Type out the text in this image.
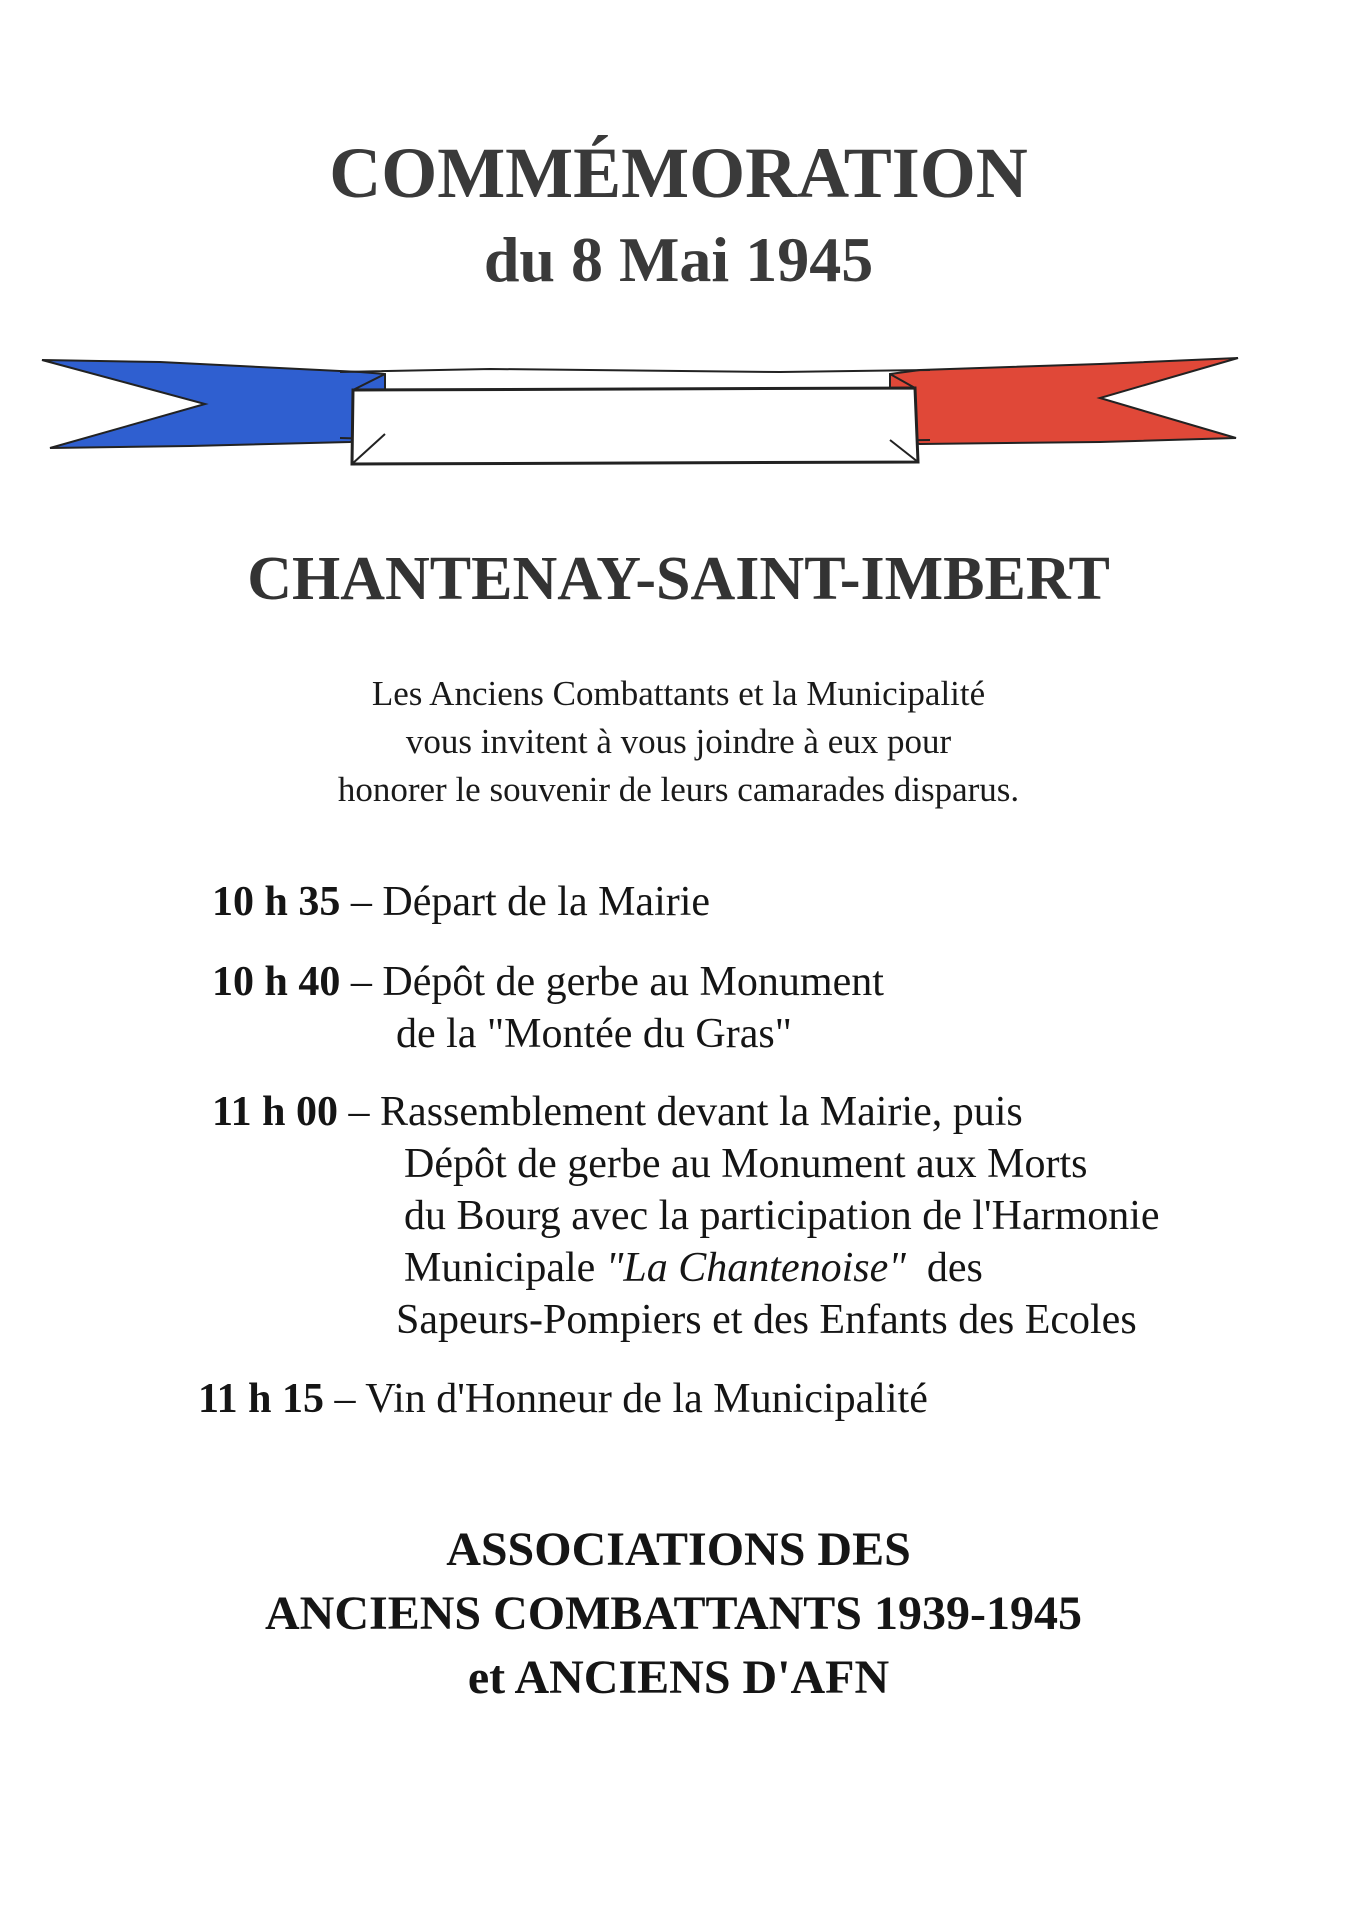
COMMÉMORATION
du 8 Mai 1945
CHANTENAY-SAINT-IMBERT
Les Anciens Combattants et la Municipalité
vous invitent à vous joindre à eux pour
honorer le souvenir de leurs camarades disparus.
10 h 35 – Départ de la Mairie
10 h 40 – Dépôt de gerbe au Monument
de la "Montée du Gras"
11 h 00 – Rassemblement devant la Mairie, puis
Dépôt de gerbe au Monument aux Morts
du Bourg avec la participation de l'Harmonie
Municipale "La Chantenoise" des
Sapeurs-Pompiers et des Enfants des Ecoles
11 h 15 – Vin d'Honneur de la Municipalité
ASSOCIATIONS DES
ANCIENS COMBATTANTS 1939-1945
et ANCIENS D'AFN
